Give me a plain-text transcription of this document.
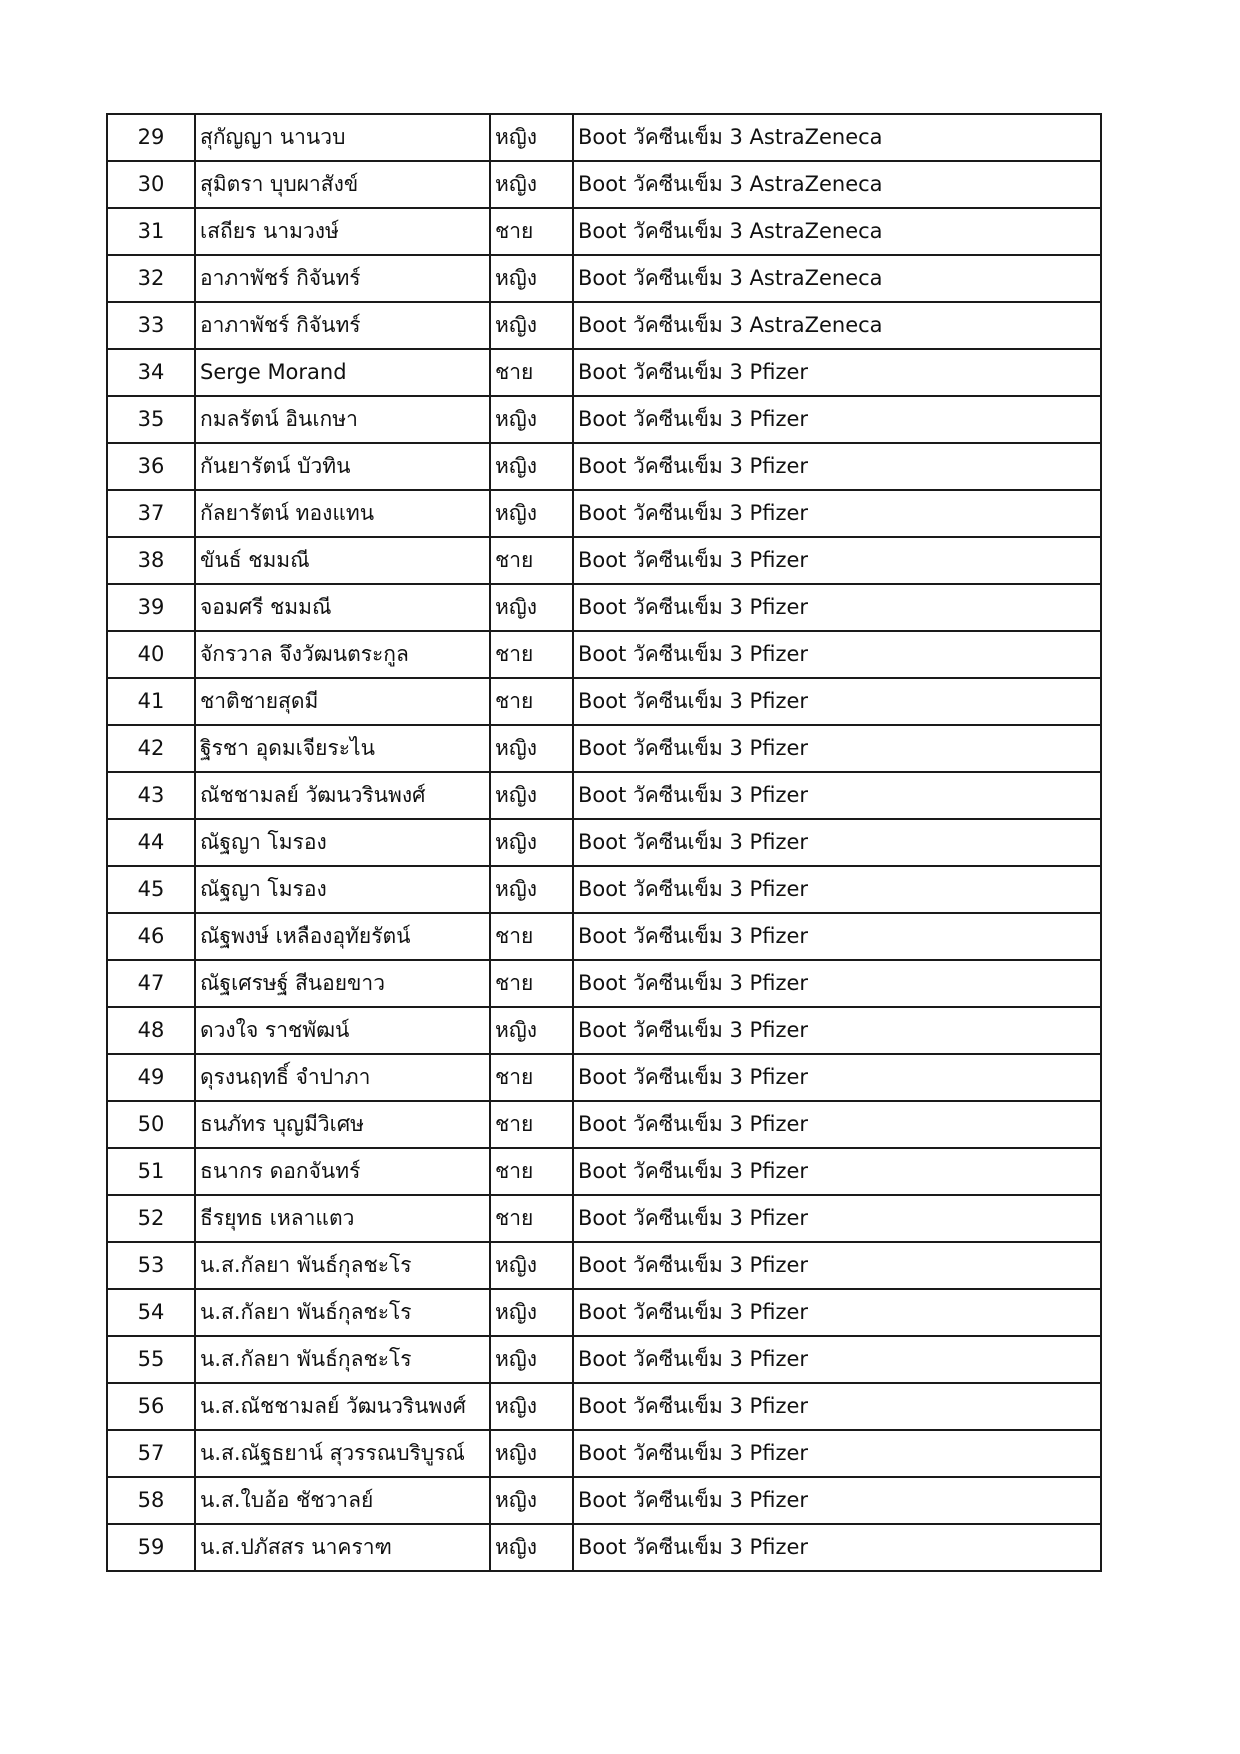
29	สุกัญญา นานวบ	หญิง	Boot วัคซีนเข็ม 3 AstraZeneca
30	สุมิตรา บุบผาสังข์	หญิง	Boot วัคซีนเข็ม 3 AstraZeneca
31	เสถียร นามวงษ์	ชาย	Boot วัคซีนเข็ม 3 AstraZeneca
32	อาภาพัชร์ กิจันทร์	หญิง	Boot วัคซีนเข็ม 3 AstraZeneca
33	อาภาพัชร์ กิจันทร์	หญิง	Boot วัคซีนเข็ม 3 AstraZeneca
34	Serge Morand	ชาย	Boot วัคซีนเข็ม 3 Pfizer
35	กมลรัตน์ อินเกษา	หญิง	Boot วัคซีนเข็ม 3 Pfizer
36	กันยารัตน์ บัวทิน	หญิง	Boot วัคซีนเข็ม 3 Pfizer
37	กัลยารัตน์ ทองแทน	หญิง	Boot วัคซีนเข็ม 3 Pfizer
38	ขันธ์ ชมมณี	ชาย	Boot วัคซีนเข็ม 3 Pfizer
39	จอมศรี ชมมณี	หญิง	Boot วัคซีนเข็ม 3 Pfizer
40	จักรวาล จึงวัฒนตระกูล	ชาย	Boot วัคซีนเข็ม 3 Pfizer
41	ชาติชายสุดมี	ชาย	Boot วัคซีนเข็ม 3 Pfizer
42	ฐิรชา อุดมเจียระไน	หญิง	Boot วัคซีนเข็ม 3 Pfizer
43	ณัชชามลย์ วัฒนวรินพงศ์	หญิง	Boot วัคซีนเข็ม 3 Pfizer
44	ณัฐญา โมรอง	หญิง	Boot วัคซีนเข็ม 3 Pfizer
45	ณัฐญา โมรอง	หญิง	Boot วัคซีนเข็ม 3 Pfizer
46	ณัฐพงษ์ เหลืองอุทัยรัตน์	ชาย	Boot วัคซีนเข็ม 3 Pfizer
47	ณัฐเศรษฐ์ สีนอยขาว	ชาย	Boot วัคซีนเข็ม 3 Pfizer
48	ดวงใจ ราชพัฒน์	หญิง	Boot วัคซีนเข็ม 3 Pfizer
49	ดุรงนฤทธิ์ จำปาภา	ชาย	Boot วัคซีนเข็ม 3 Pfizer
50	ธนภัทร บุญมีวิเศษ	ชาย	Boot วัคซีนเข็ม 3 Pfizer
51	ธนากร ดอกจันทร์	ชาย	Boot วัคซีนเข็ม 3 Pfizer
52	ธีรยุทธ เหลาแตว	ชาย	Boot วัคซีนเข็ม 3 Pfizer
53	น.ส.กัลยา พันธ์กุลชะโร	หญิง	Boot วัคซีนเข็ม 3 Pfizer
54	น.ส.กัลยา พันธ์กุลชะโร	หญิง	Boot วัคซีนเข็ม 3 Pfizer
55	น.ส.กัลยา พันธ์กุลชะโร	หญิง	Boot วัคซีนเข็ม 3 Pfizer
56	น.ส.ณัชชามลย์ วัฒนวรินพงศ์	หญิง	Boot วัคซีนเข็ม 3 Pfizer
57	น.ส.ณัฐธยาน์ สุวรรณบริบูรณ์	หญิง	Boot วัคซีนเข็ม 3 Pfizer
58	น.ส.ใบอ้อ ชัชวาลย์	หญิง	Boot วัคซีนเข็ม 3 Pfizer
59	น.ส.ปภัสสร นาคราฑ	หญิง	Boot วัคซีนเข็ม 3 Pfizer
